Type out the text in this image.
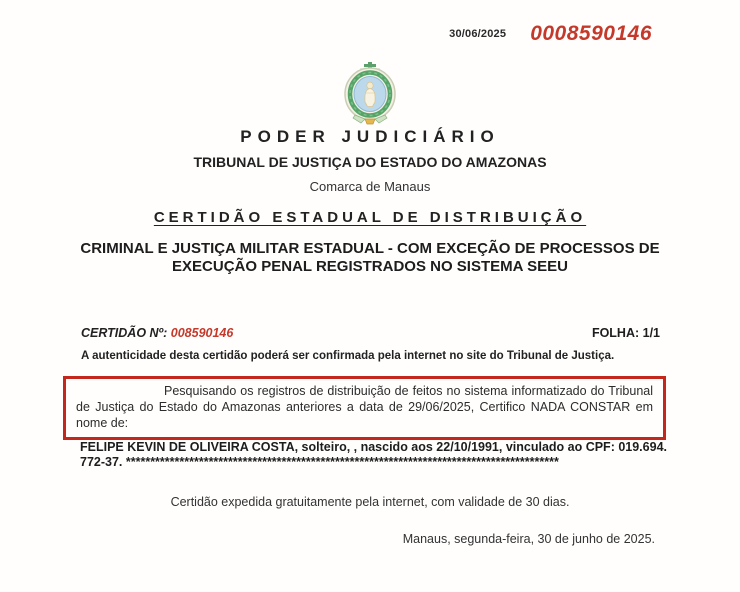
30/06/2025 0008590146
PODER JUDICIÁRIO
TRIBUNAL DE JUSTIÇA DO ESTADO DO AMAZONAS
Comarca de Manaus
CERTIDÃO ESTADUAL DE DISTRIBUIÇÃO
CRIMINAL E JUSTIÇA MILITAR ESTADUAL - COM EXCEÇÃO DE PROCESSOS DE EXECUÇÃO PENAL REGISTRADOS NO SISTEMA SEEU
CERTIDÃO Nº: 008590146	FOLHA: 1/1
A autenticidade desta certidão poderá ser confirmada pela internet no site do Tribunal de Justiça.

Pesquisando os registros de distribuição de feitos no sistema informatizado do Tribunal de Justiça do Estado do Amazonas anteriores a data de 29/06/2025, Certifico NADA CONSTAR em nome de:

FELIPE KEVIN DE OLIVEIRA COSTA, solteiro, , nascido aos 22/10/1991, vinculado ao CPF: 019.694.772-37. *****************************************************************************************
Certidão expedida gratuitamente pela internet, com validade de 30 dias.
Manaus, segunda-feira, 30 de junho de 2025.
